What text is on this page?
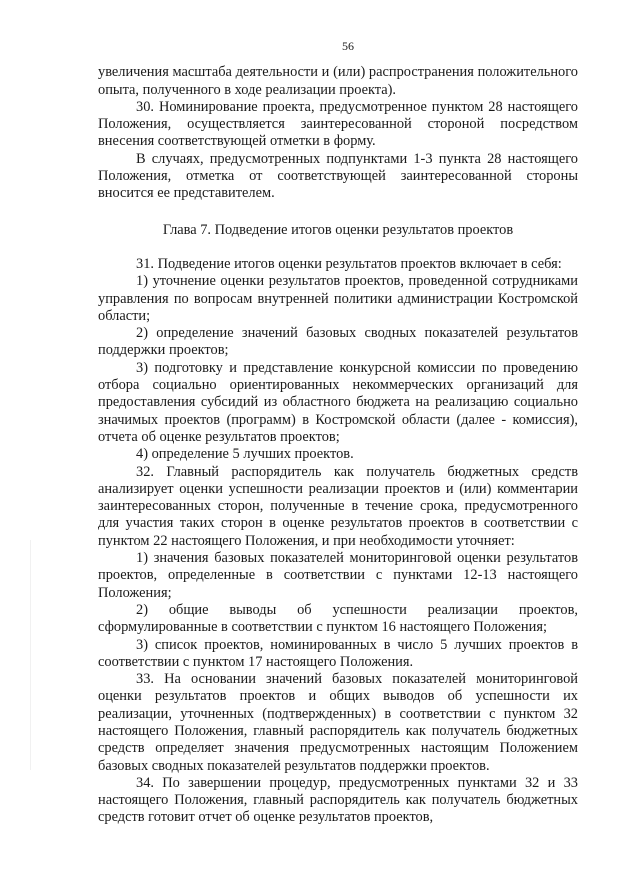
56

увеличения масштаба деятельности и (или) распространения положительного опыта, полученного в ходе реализации проекта).

30. Номинирование проекта, предусмотренное пунктом 28 настоящего Положения, осуществляется заинтересованной стороной посредством внесения соответствующей отметки в форму.

В случаях, предусмотренных подпунктами 1-3 пункта 28 настоящего Положения, отметка от соответствующей заинтересованной стороны вносится ее представителем.

Глава 7. Подведение итогов оценки результатов проектов

31. Подведение итогов оценки результатов проектов включает в себя:

1) уточнение оценки результатов проектов, проведенной сотрудниками управления по вопросам внутренней политики администрации Костромской области;

2) определение значений базовых сводных показателей результатов поддержки проектов;

3) подготовку и представление конкурсной комиссии по проведению отбора социально ориентированных некоммерческих организаций для предоставления субсидий из областного бюджета на реализацию социально значимых проектов (программ) в Костромской области (далее - комиссия), отчета об оценке результатов проектов;

4) определение 5 лучших проектов.

32. Главный распорядитель как получатель бюджетных средств анализирует оценки успешности реализации проектов и (или) комментарии заинтересованных сторон, полученные в течение срока, предусмотренного для участия таких сторон в оценке результатов проектов в соответствии с пунктом 22 настоящего Положения, и при необходимости уточняет:

1) значения базовых показателей мониторинговой оценки результатов проектов, определенные в соответствии с пунктами 12-13 настоящего Положения;

2) общие выводы об успешности реализации проектов, сформулированные в соответствии с пунктом 16 настоящего Положения;

3) список проектов, номинированных в число 5 лучших проектов в соответствии с пунктом 17 настоящего Положения.

33. На основании значений базовых показателей мониторинговой оценки результатов проектов и общих выводов об успешности их реализации, уточненных (подтвержденных) в соответствии с пунктом 32 настоящего Положения, главный распорядитель как получатель бюджетных средств определяет значения предусмотренных настоящим Положением базовых сводных показателей результатов поддержки проектов.

34. По завершении процедур, предусмотренных пунктами 32 и 33 настоящего Положения, главный распорядитель как получатель бюджетных средств готовит отчет об оценке результатов проектов,
